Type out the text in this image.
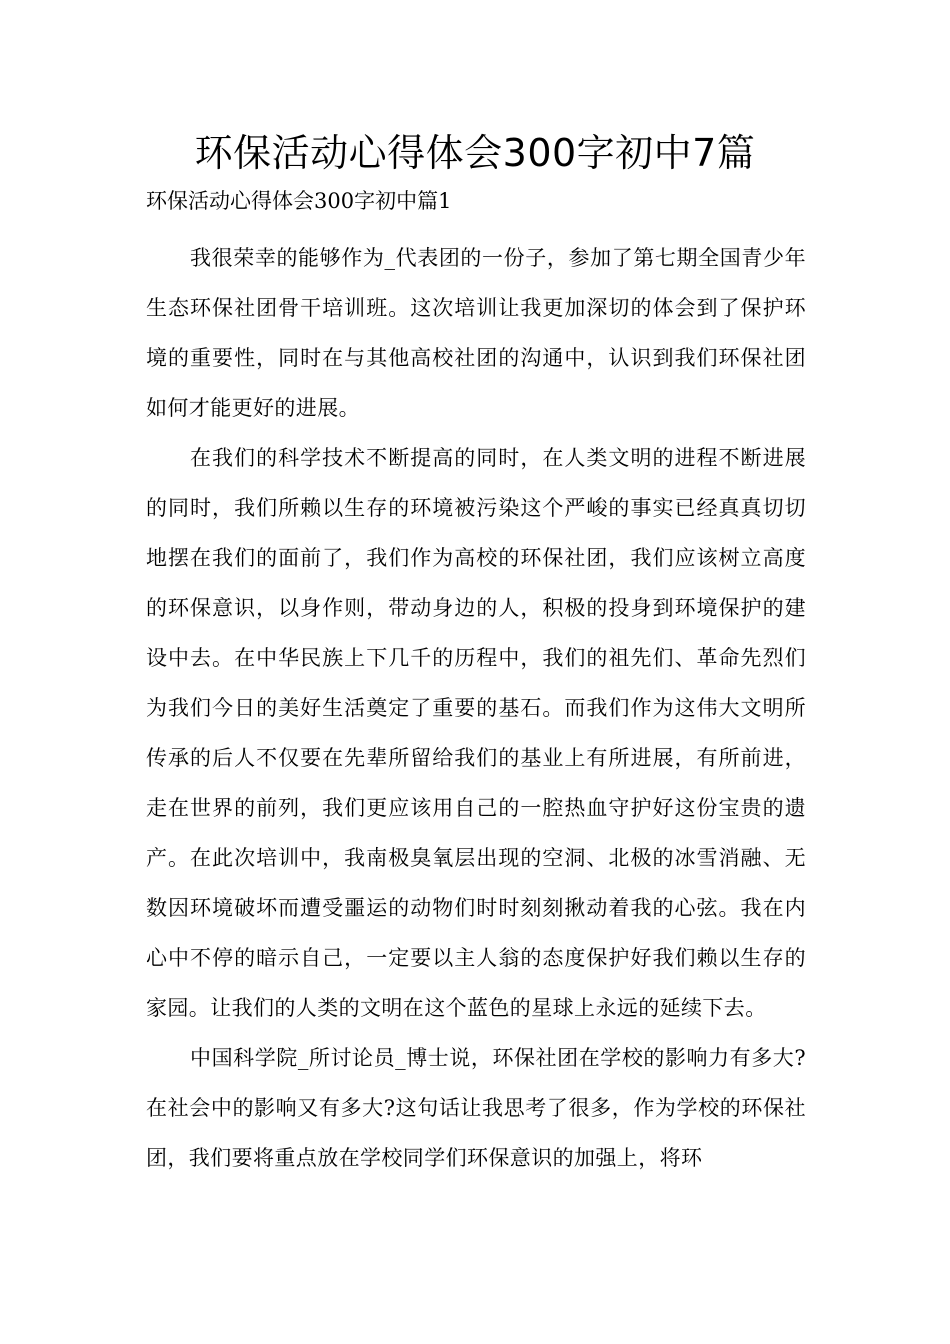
环保活动心得体会300字初中7篇
环保活动心得体会300字初中篇1

我很荣幸的能够作为_代表团的一份子，参加了第七期全国青少年生态环保社团骨干培训班。这次培训让我更加深切的体会到了保护环境的重要性，同时在与其他高校社团的沟通中，认识到我们环保社团如何才能更好的进展。

在我们的科学技术不断提高的同时，在人类文明的进程不断进展的同时，我们所赖以生存的环境被污染这个严峻的事实已经真真切切地摆在我们的面前了，我们作为高校的环保社团，我们应该树立高度的环保意识，以身作则，带动身边的人，积极的投身到环境保护的建设中去。在中华民族上下几千的历程中，我们的祖先们、革命先烈们为我们今日的美好生活奠定了重要的基石。而我们作为这伟大文明所传承的后人不仅要在先辈所留给我们的基业上有所进展，有所前进，走在世界的前列，我们更应该用自己的一腔热血守护好这份宝贵的遗产。在此次培训中，我南极臭氧层出现的空洞、北极的冰雪消融、无数因环境破坏而遭受噩运的动物们时时刻刻揪动着我的心弦。我在内心中不停的暗示自己，一定要以主人翁的态度保护好我们赖以生存的家园。让我们的人类的文明在这个蓝色的星球上永远的延续下去。

中国科学院_所讨论员_博士说，环保社团在学校的影响力有多大?在社会中的影响又有多大?这句话让我思考了很多，作为学校的环保社团，我们要将重点放在学校同学们环保意识的加强上，将环
